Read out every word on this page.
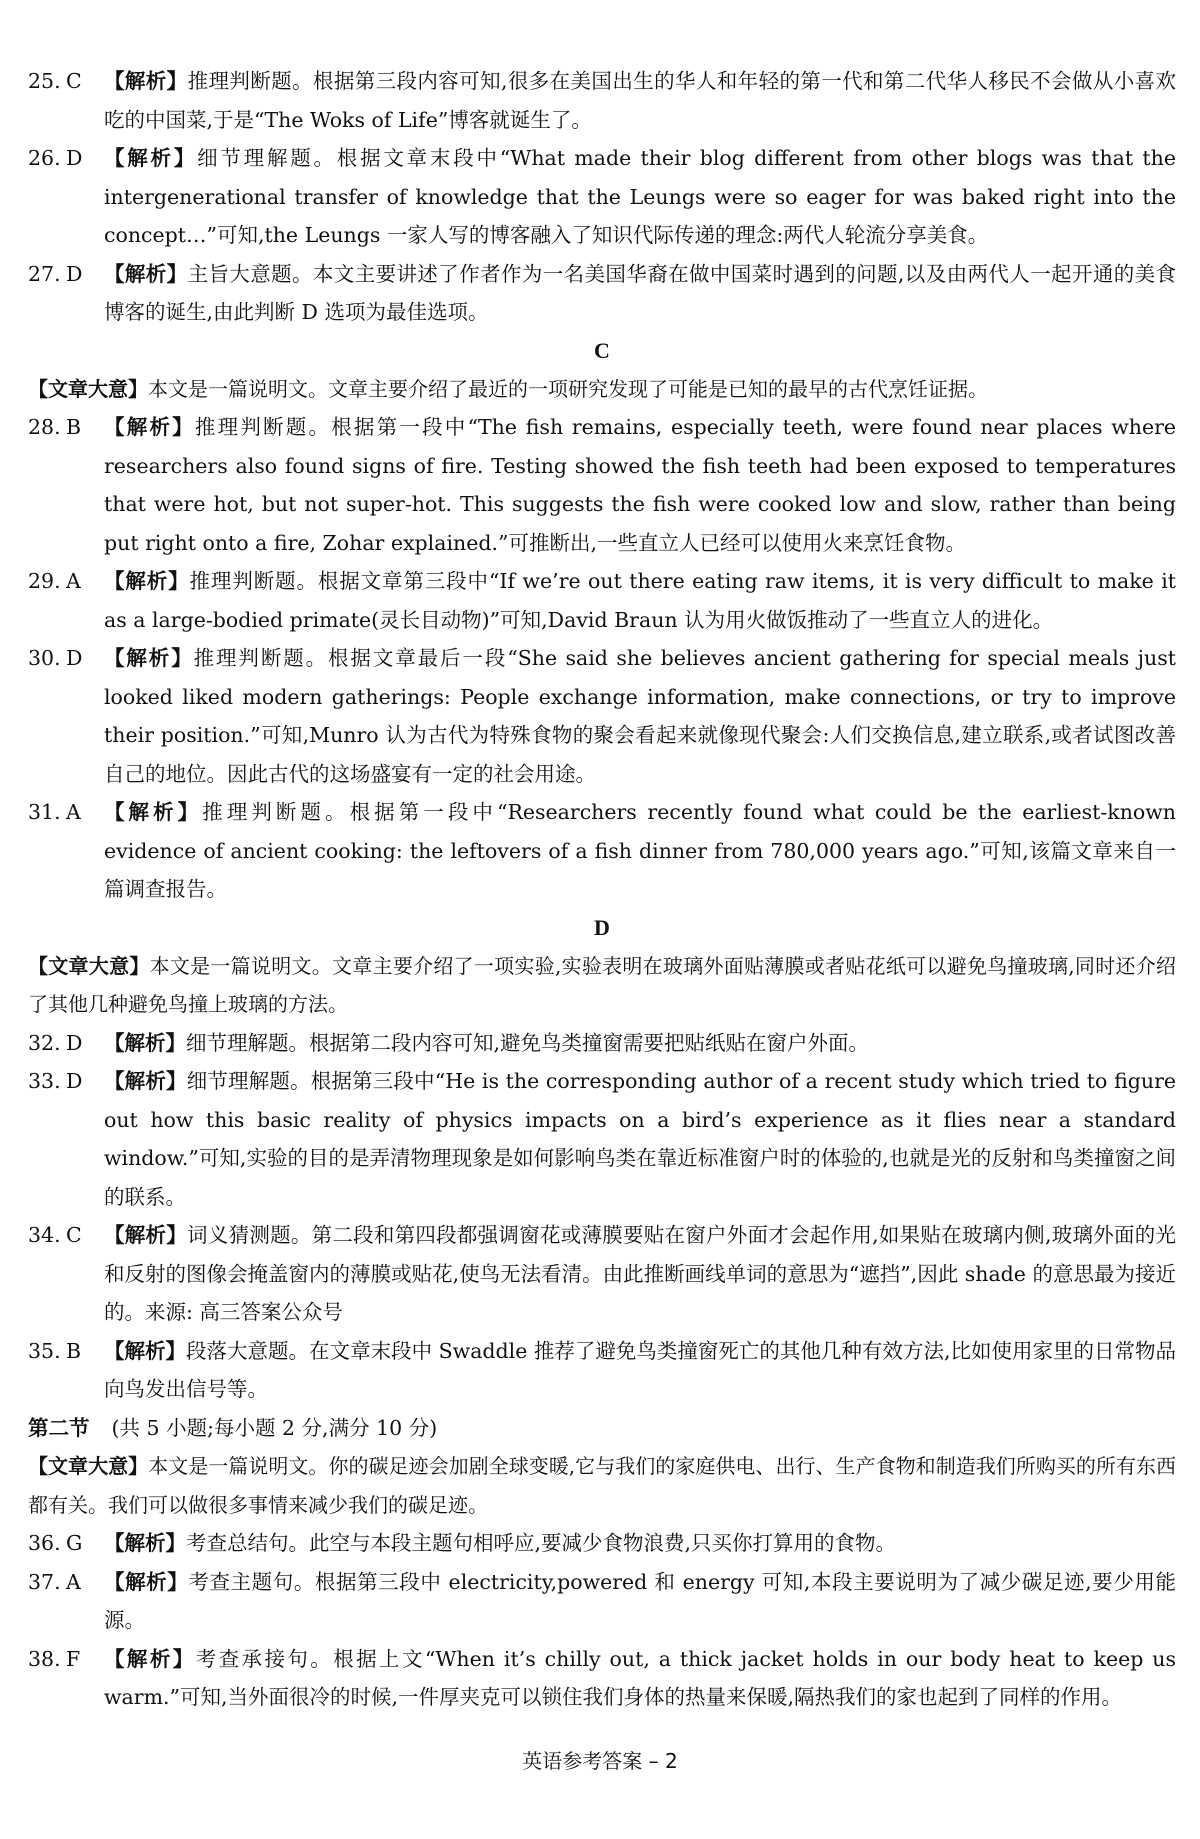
25. C	【解析】推理判断题。根据第三段内容可知,很多在美国出生的华人和年轻的第一代和第二代华人移民不会做从小喜欢吃的中国菜,于是“The Woks of Life”博客就诞生了。
26. D	【解析】细节理解题。根据文章末段中“What made their blog different from other blogs was that the intergenerational transfer of knowledge that the Leungs were so eager for was baked right into the concept…”可知,the Leungs 一家人写的博客融入了知识代际传递的理念:两代人轮流分享美食。
27. D	【解析】主旨大意题。本文主要讲述了作者作为一名美国华裔在做中国菜时遇到的问题,以及由两代人一起开通的美食博客的诞生,由此判断 D 选项为最佳选项。
C
【文章大意】本文是一篇说明文。文章主要介绍了最近的一项研究发现了可能是已知的最早的古代烹饪证据。
28. B	【解析】推理判断题。根据第一段中“The fish remains, especially teeth, were found near places where researchers also found signs of fire. Testing showed the fish teeth had been exposed to temperatures that were hot, but not super-hot. This suggests the fish were cooked low and slow, rather than being put right onto a fire, Zohar explained.”可推断出,一些直立人已经可以使用火来烹饪食物。
29. A	【解析】推理判断题。根据文章第三段中“If we’re out there eating raw items, it is very difficult to make it as a large-bodied primate(灵长目动物)”可知,David Braun 认为用火做饭推动了一些直立人的进化。
30. D	【解析】推理判断题。根据文章最后一段“She said she believes ancient gathering for special meals just looked liked modern gatherings: People exchange information, make connections, or try to improve their position.”可知,Munro 认为古代为特殊食物的聚会看起来就像现代聚会:人们交换信息,建立联系,或者试图改善自己的地位。因此古代的这场盛宴有一定的社会用途。
31. A	【解析】推理判断题。根据第一段中“Researchers recently found what could be the earliest-known evidence of ancient cooking: the leftovers of a fish dinner from 780,000 years ago.”可知,该篇文章来自一篇调查报告。
D
【文章大意】本文是一篇说明文。文章主要介绍了一项实验,实验表明在玻璃外面贴薄膜或者贴花纸可以避免鸟撞玻璃,同时还介绍了其他几种避免鸟撞上玻璃的方法。
32. D	【解析】细节理解题。根据第二段内容可知,避免鸟类撞窗需要把贴纸贴在窗户外面。
33. D	【解析】细节理解题。根据第三段中“He is the corresponding author of a recent study which tried to figure out how this basic reality of physics impacts on a bird’s experience as it flies near a standard window.”可知,实验的目的是弄清物理现象是如何影响鸟类在靠近标准窗户时的体验的,也就是光的反射和鸟类撞窗之间的联系。
34. C	【解析】词义猜测题。第二段和第四段都强调窗花或薄膜要贴在窗户外面才会起作用,如果贴在玻璃内侧,玻璃外面的光和反射的图像会掩盖窗内的薄膜或贴花,使鸟无法看清。由此推断画线单词的意思为“遮挡”,因此 shade 的意思最为接近的。来源: 高三答案公众号
35. B	【解析】段落大意题。在文章末段中 Swaddle 推荐了避免鸟类撞窗死亡的其他几种有效方法,比如使用家里的日常物品向鸟发出信号等。
第二节 (共 5 小题;每小题 2 分,满分 10 分)
【文章大意】本文是一篇说明文。你的碳足迹会加剧全球变暖,它与我们的家庭供电、出行、生产食物和制造我们所购买的所有东西都有关。我们可以做很多事情来减少我们的碳足迹。
36. G	【解析】考查总结句。此空与本段主题句相呼应,要减少食物浪费,只买你打算用的食物。
37. A	【解析】考查主题句。根据第三段中 electricity,powered 和 energy 可知,本段主要说明为了减少碳足迹,要少用能源。
38. F	【解析】考查承接句。根据上文“When it’s chilly out, a thick jacket holds in our body heat to keep us warm.”可知,当外面很冷的时候,一件厚夹克可以锁住我们身体的热量来保暖,隔热我们的家也起到了同样的作用。
英语参考答案 – 2
